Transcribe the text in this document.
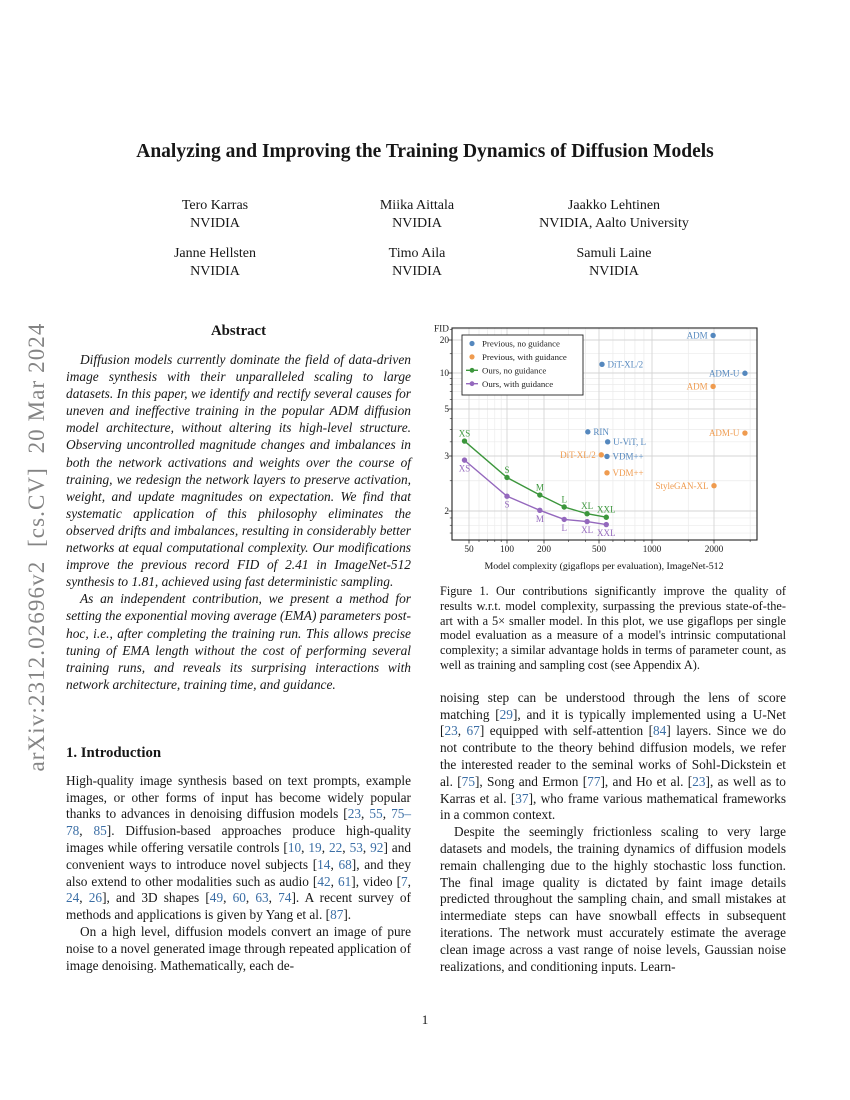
arXiv:2312.02696v2  [cs.CV]  20 Mar 2024
Analyzing and Improving the Training Dynamics of Diffusion Models
Tero Karras
NVIDIA
Miika Aittala
NVIDIA
Jaakko Lehtinen
NVIDIA, Aalto University
Janne Hellsten
NVIDIA
Timo Aila
NVIDIA
Samuli Laine
NVIDIA
Abstract

Diffusion models currently dominate the field of data-driven image synthesis with their unparalleled scaling to large datasets. In this paper, we identify and rectify several causes for uneven and ineffective training in the popular ADM diffusion model architecture, without altering its high-level structure. Observing uncontrolled magnitude changes and imbalances in both the network activations and weights over the course of training, we redesign the network layers to preserve activation, weight, and update magnitudes on expectation. We find that systematic application of this philosophy eliminates the observed drifts and imbalances, resulting in considerably better networks at equal computational complexity. Our modifications improve the previous record FID of 2.41 in ImageNet-512 synthesis to 1.81, achieved using fast deterministic sampling.

As an independent contribution, we present a method for setting the exponential moving average (EMA) parameters post-hoc, i.e., after completing the training run. This allows precise tuning of EMA length without the cost of performing several training runs, and reveals its surprising interactions with network architecture, training time, and guidance.

1. Introduction

High-quality image synthesis based on text prompts, example images, or other forms of input has become widely popular thanks to advances in denoising diffusion models [23, 55, 75–78, 85]. Diffusion-based approaches produce high-quality images while offering versatile controls [10, 19, 22, 53, 92] and convenient ways to introduce novel subjects [14, 68], and they also extend to other modalities such as audio [42, 61], video [7, 24, 26], and 3D shapes [49, 60, 63, 74]. A recent survey of methods and applications is given by Yang et al. [87].

On a high level, diffusion models convert an image of pure noise to a novel generated image through repeated application of image denoising. Mathematically, each de-

50	100 200	500	1000	2000
20
10
5
3
2
FID
Model complexity (gigaflops per evaluation), ImageNet-512
ADM
DiT-XL/2
ADM-U
RIN
U-ViT, L
VDM++
ADM
ADM-U
DiT-XL/2
VDM++
StyleGAN-XL
XS
S
M
L
XL XXL
XS
S
M
L XL XXL
Previous, no guidance
Previous, with guidance
Ours, no guidance
Ours, with guidance
Figure 1. Our contributions significantly improve the quality of results w.r.t. model complexity, surpassing the previous state-of-the-art with a 5× smaller model. In this plot, we use gigaflops per single model evaluation as a measure of a model's intrinsic computational complexity; a similar advantage holds in terms of parameter count, as well as training and sampling cost (see Appendix A).

noising step can be understood through the lens of score matching [29], and it is typically implemented using a U-Net [23, 67] equipped with self-attention [84] layers. Since we do not contribute to the theory behind diffusion models, we refer the interested reader to the seminal works of Sohl-Dickstein et al. [75], Song and Ermon [77], and Ho et al. [23], as well as to Karras et al. [37], who frame various mathematical frameworks in a common context.

Despite the seemingly frictionless scaling to very large datasets and models, the training dynamics of diffusion models remain challenging due to the highly stochastic loss function. The final image quality is dictated by faint image details predicted throughout the sampling chain, and small mistakes at intermediate steps can have snowball effects in subsequent iterations. The network must accurately estimate the average clean image across a vast range of noise levels, Gaussian noise realizations, and conditioning inputs. Learn-

1
